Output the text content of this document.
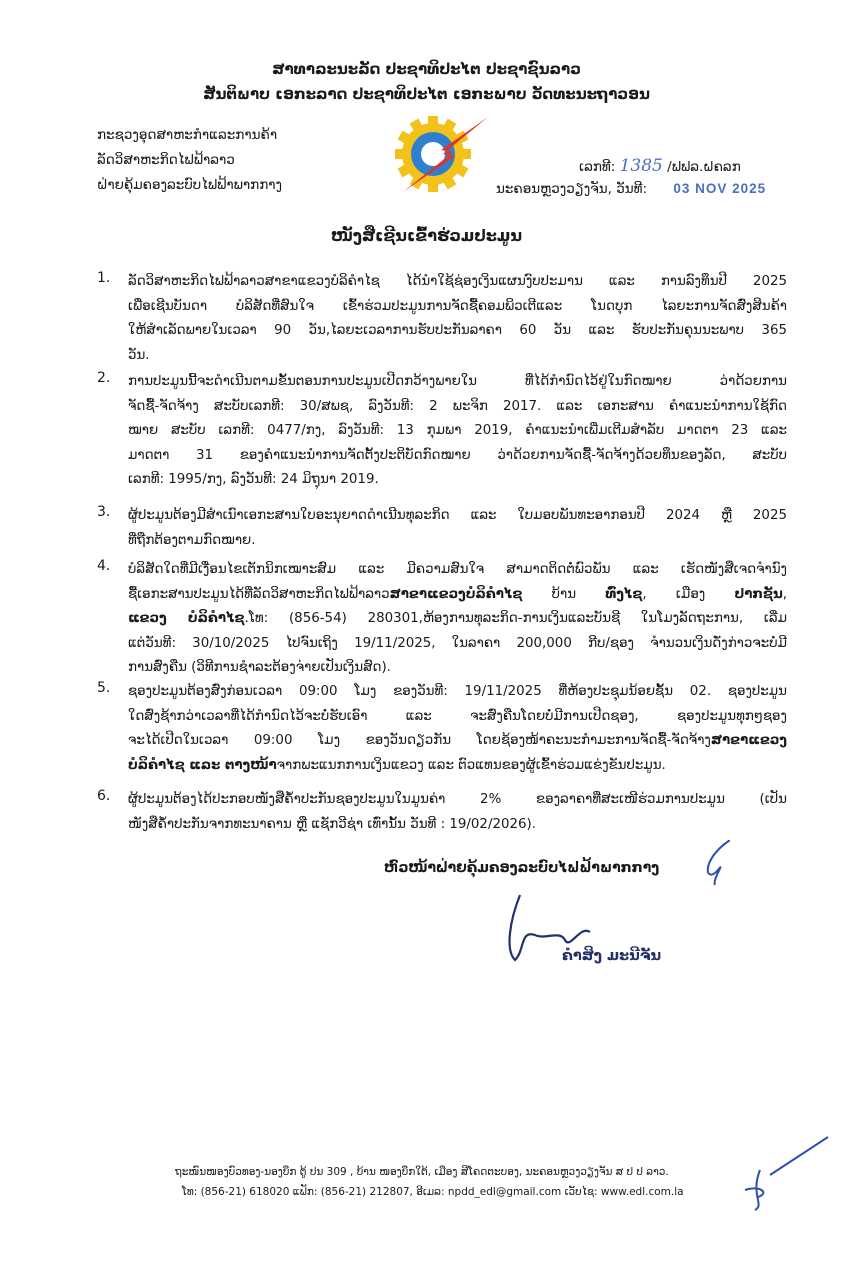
ສາທາລະນະລັດ ປະຊາທິປະໄຕ ປະຊາຊົນລາວ
ສັນຕິພາບ ເອກະລາດ ປະຊາທິປະໄຕ ເອກະພາບ ວັດທະນະຖາວອນ
ກະຊວງອຸດສາຫະກຳແລະການຄ້າ
ລັດວິສາຫະກິດໄຟຟ້າລາວ
ຝ່າຍຄຸ້ມຄອງລະບົບໄຟຟ້າພາກກາງ
ເລກທີ: 1385 /ຟຟລ.ຝຄລກ
ນະຄອນຫຼວງວຽງຈັນ, ວັນທີ: 03 NOV 2025
ໜັງສືເຊີນເຂົ້າຮ່ວມປະມູນ
1. ລັດວິສາຫະກິດໄຟຟ້າລາວສາຂາແຂວງບໍລິຄຳໄຊ ໄດ້ນຳໃຊ້ຊ່ອງເງິນແຜນງົບປະມານ ແລະ ການລົງທຶນປີ 2025
ເພື່ອເຊີນບັນດາ ບໍລິສັດທີ່ສົນໃຈ ເຂົ້າຮ່ວມປະມູນການຈັດຊື້ຄອມພິວເຕີແລະ ໂນດບຸກ ໄລຍະການຈັດສົ່ງສິນຄ້າ
ໃຫ້ສຳເລັດພາຍໃນເວລາ 90 ວັນ,ໄລຍະເວລາການຮັບປະກັນລາຄາ 60 ວັນ ແລະ ຮັບປະກັນຄຸນນະພາບ 365
ວັນ.
2. ການປະມູນນີ້ຈະດຳເນີນຕາມຂັ້ນຕອນການປະມູນເປີດກວ້າງພາຍໃນ ທີ່ໄດ້ກຳນົດໄວ້ຢູ່ໃນກົດໝາຍ ວ່າດ້ວຍການ
ຈັດຊື້-ຈັດຈ້າງ ສະບັບເລກທີ: 30/ສພຊ, ລົງວັນທີ: 2 ພະຈິກ 2017. ແລະ ເອກະສານ ຄຳແນະນຳການໃຊ້ກົດ
ໝາຍ ສະບັບ ເລກທີ: 0477/ກງ, ລົງວັນທີ: 13 ກຸມພາ 2019, ຄຳແນະນຳເພີ່ມເຕີມສຳລັບ ມາດຕາ 23 ແລະ
ມາດຕາ 31 ຂອງຄຳແນະນຳການຈັດຕັ້ງປະຕິບັດກົດໝາຍ ວ່າດ້ວຍການຈັດຊື້-ຈັດຈ້າງດ້ວຍທຶນຂອງລັດ, ສະບັບ
ເລກທີ: 1995/ກງ, ລົງວັນທີ: 24 ມິຖຸນາ 2019.
3. ຜູ້ປະມູນຕ້ອງມີສຳເນົາເອກະສານໃບອະນຸຍາດດຳເນີນທຸລະກິດ ແລະ ໃບມອບພັນທະອາກອນປີ 2024 ຫຼື 2025
ທີ່ຖືກຕ້ອງຕາມກົດໝາຍ.
4. ບໍລິສັດໃດທີ່ມີເງື່ອນໄຂເຕັກນິກເໝາະສົມ ແລະ ມີຄວາມສົນໃຈ ສາມາດຕິດຕໍ່ພົວພັນ ແລະ ເຮັດໜັງສືເຈດຈຳນົງ
ຊື້ເອກະສານປະມູນໄດ້ທີ່ລັດວິສາຫະກິດໄຟຟ້າລາວສາຂາແຂວງບໍລິຄຳໄຊ ບ້ານ ທົ່ງໄຊ, ເມືອງ ປາກຊັນ,
ແຂວງ ບໍລິຄຳໄຊ.ໂທ: (856-54) 280301,ຫ້ອງການທຸລະກິດ-ການເງິນແລະບັນຊີ ໃນໂມງລັດຖະການ, ເລີ່ມ
ແຕ່ວັນທີ: 30/10/2025 ໄປຈົນເຖິງ 19/11/2025, ໃນລາຄາ 200,000 ກີບ/ຊອງ ຈຳນວນເງິນດັ່ງກ່າວຈະບໍ່ມີ
ການສົ່ງຄືນ (ວິທີການຊຳລະຕ້ອງຈ່າຍເປັນເງິນສົດ).
5. ຊອງປະມູນຕ້ອງສົ່ງກ່ອນເວລາ 09:00 ໂມງ ຂອງວັນທີ: 19/11/2025 ທີ່ຫ້ອງປະຊຸມນ້ອຍຊັ້ນ 02. ຊອງປະມູນ
ໃດສົ່ງຊ້າກວ່າເວລາທີ່ໄດ້ກຳນົດໄວ້ຈະບໍ່ຮັບເອົາ ແລະ ຈະສົ່ງຄືນໂດຍບໍ່ມີການເປີດຊອງ, ຊອງປະມູນທຸກໆຊອງ
ຈະໄດ້ເປີດໃນເວລາ 09:00 ໂມງ ຂອງວັນດຽວກັນ ໂດຍຊ້ອງໜ້າຄະນະກຳມະການຈັດຊື້-ຈັດຈ້າງສາຂາແຂວງ
ບໍລິຄຳໄຊ ແລະ ຕາງໜ້າຈາກພະແນກການເງິນແຂວງ ແລະ ຕົວແທນຂອງຜູ້ເຂົ້າຮ່ວມແຂ່ງຂັນປະມູນ.
6. ຜູ້ປະມູນຕ້ອງໄດ້ປະກອບໜັງສືຄ້ຳປະກັນຊອງປະມູນໃນມູນຄ່າ 2% ຂອງລາຄາທີ່ສະເໜີຮ່ວມການປະມູນ (ເປັນ
ໜັງສືຄ້ຳປະກັນຈາກທະນາຄານ ຫຼື ແຊັກວີຊ່າ ເທົ່ານັ້ນ ວັນທີ : 19/02/2026).
ຫົວໜ້າຝ່າຍຄຸ້ມຄອງລະບົບໄຟຟ້າພາກກາງ
ຄຳສິງ ມະນີຈັນ
ຖະໜົນໜອງບົວທອງ-ນອງບຶກ ຕູ້ ປນ 309 , ບ້ານ ໜອງບຶກໃຕ້, ເມືອງ ສີໂຄດຕະບອງ, ນະຄອນຫຼວງວຽງຈັນ ສ ປ ປ ລາວ.
ໂທ: (856-21) 618020 ແຟັກ: (856-21) 212807, ອີເມລ: npdd_edl@gmail.com ເວັບໄຊ: www.edl.com.la
